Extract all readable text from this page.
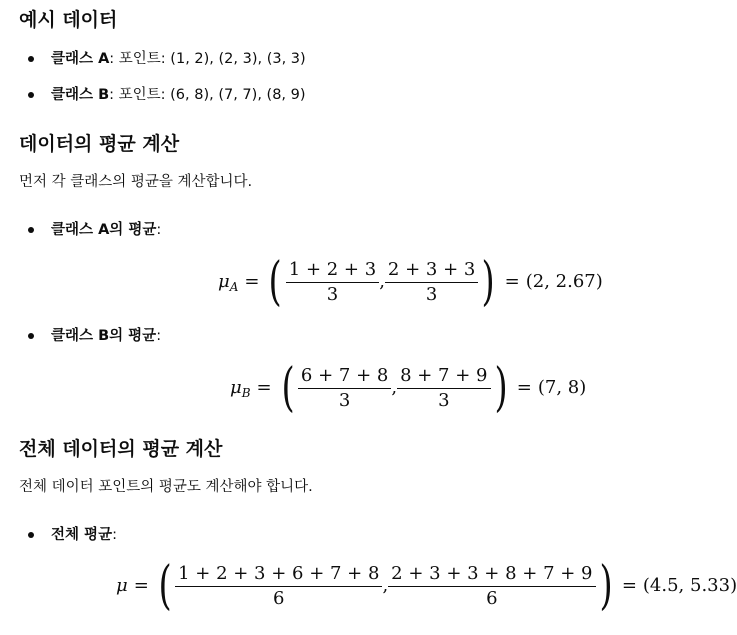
예시 데이터
클래스 A: 포인트: (1, 2), (2, 3), (3, 3)
클래스 B: 포인트: (6, 8), (7, 7), (8, 9)
데이터의 평균 계산

먼저 각 클래스의 평균을 계산합니다.

클래스 A의 평균:
$\mu_A$ = ( $\frac{1 + 2 + 3}{3}$ , $\frac{2 + 3 + 3}{3}$ ) = (2, 2.67)
클래스 B의 평균:
$\mu_B$ = ( $\frac{6 + 7 + 8}{3}$ , $\frac{8 + 7 + 9}{3}$ ) = (7, 8)
전체 데이터의 평균 계산

전체 데이터 포인트의 평균도 계산해야 합니다.

전체 평균:
μ = ( $\frac{1 + 2 + 3 + 6 + 7 + 8}{6}$ , $\frac{2 + 3 + 3 + 8 + 7 + 9}{6}$ ) = (4.5, 5.33)
